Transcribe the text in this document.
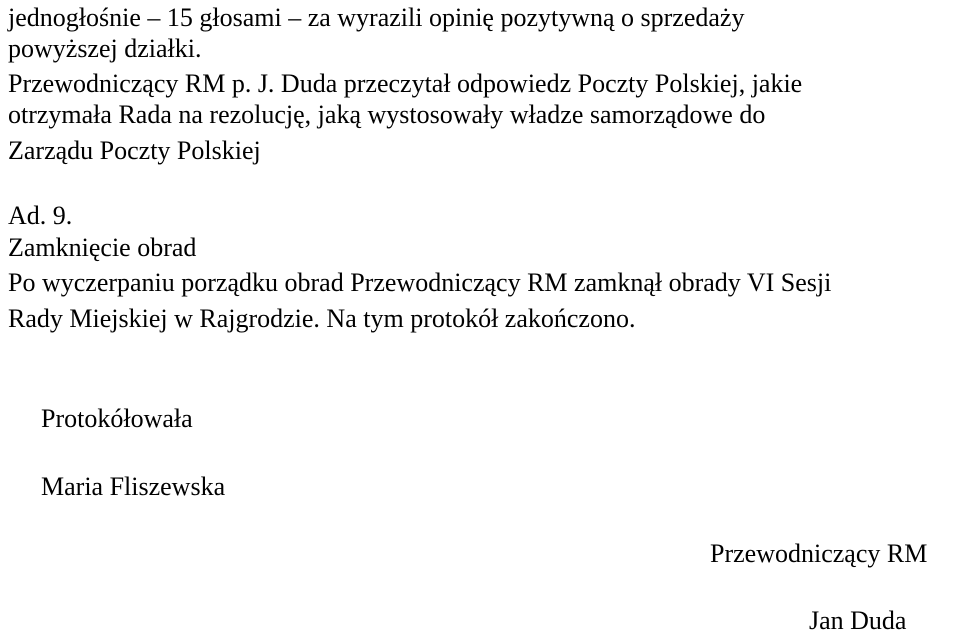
jednogłośnie – 15 głosami – za wyrazili opinię pozytywną o sprzedaży
powyższej działki.
Przewodniczący RM p. J. Duda przeczytał odpowiedz Poczty Polskiej, jakie
otrzymała Rada na rezolucję, jaką wystosowały władze samorządowe do
Zarządu Poczty Polskiej
Ad. 9.
Zamknięcie obrad
Po wyczerpaniu porządku obrad Przewodniczący RM zamknął obrady VI Sesji
Rady Miejskiej w Rajgrodzie. Na tym protokół zakończono.
Protokółowała
Maria Fliszewska
Przewodniczący RM
Jan Duda
